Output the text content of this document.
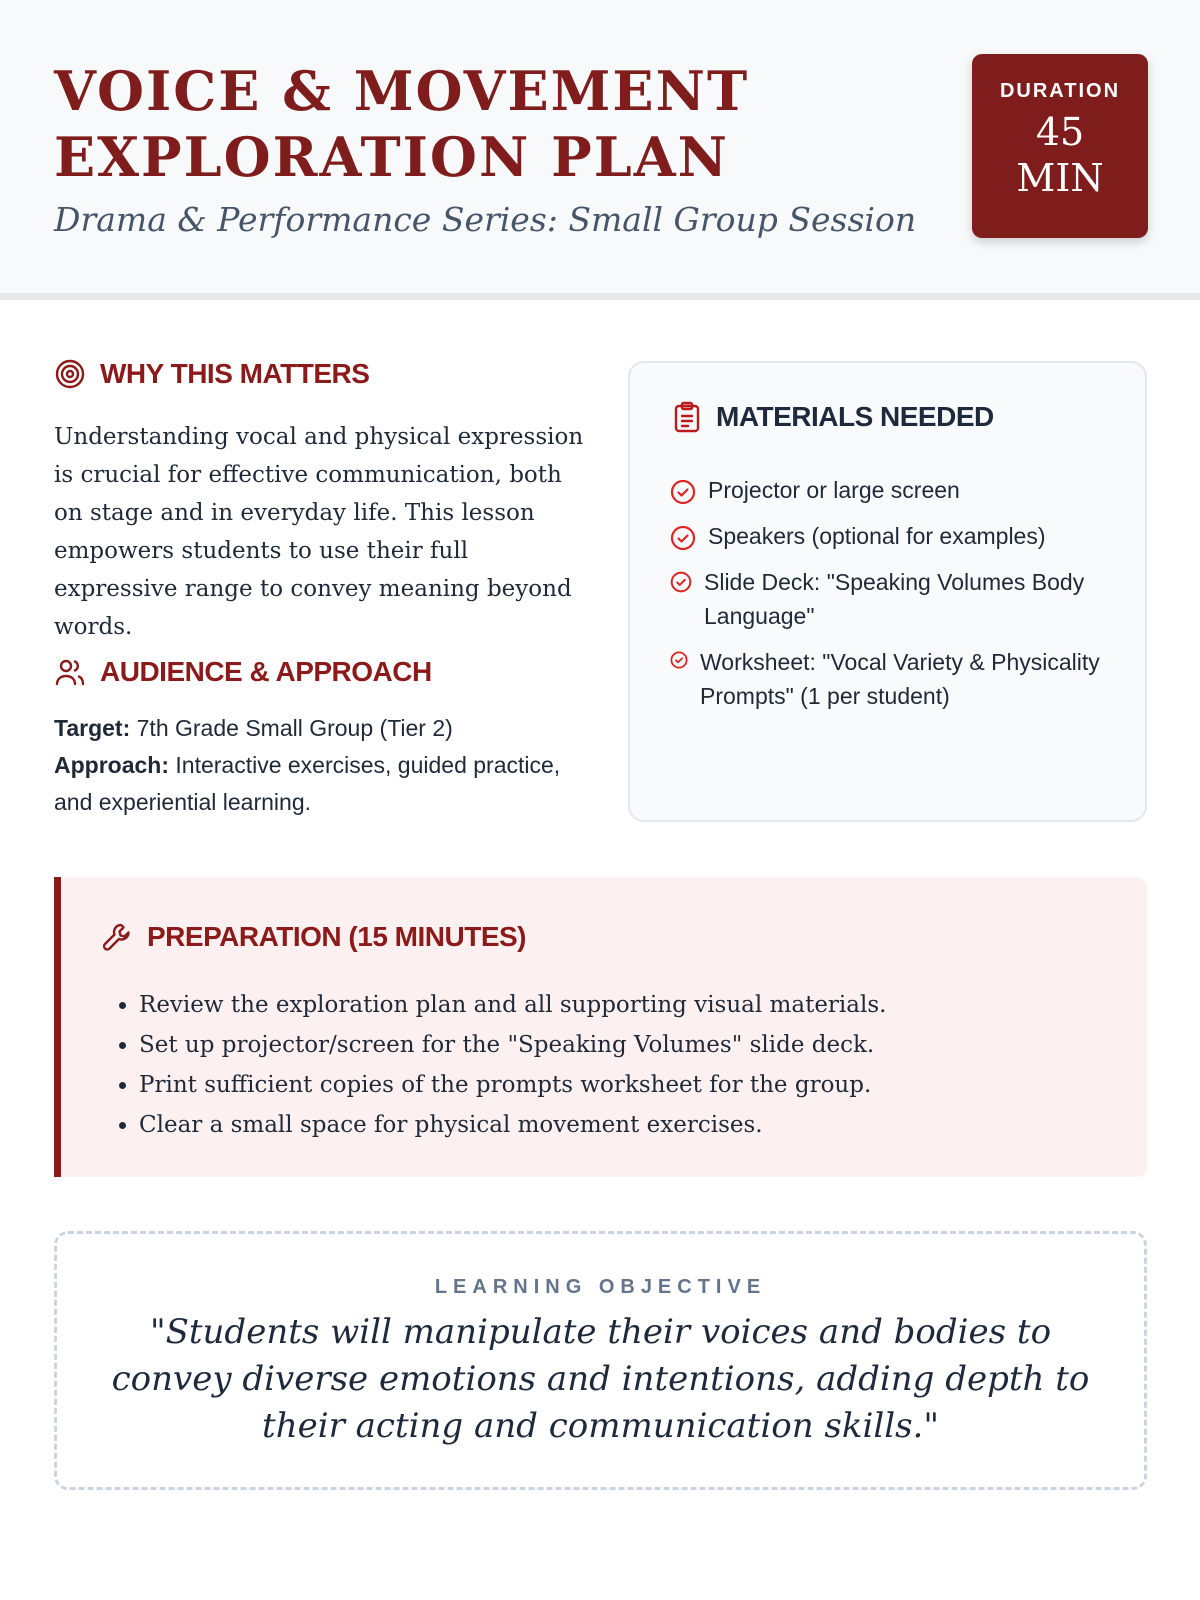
VOICE & MOVEMENT EXPLORATION PLAN

Drama & Performance Series: Small Group Session

DURATION
45 MIN
WHY THIS MATTERS

Understanding vocal and physical expression is crucial for effective communication, both on stage and in everyday life. This lesson empowers students to use their full expressive range to convey meaning beyond words.

AUDIENCE & APPROACH

Target: 7th Grade Small Group (Tier 2)

Approach: Interactive exercises, guided practice, and experiential learning.

MATERIALS NEEDED
Projector or large screen
Speakers (optional for examples)
Slide Deck: "Speaking Volumes Body Language"
Worksheet: "Vocal Variety & Physicality Prompts" (1 per student)
PREPARATION (15 MINUTES)
• Review the exploration plan and all supporting visual materials.
• Set up projector/screen for the "Speaking Volumes" slide deck.
• Print sufficient copies of the prompts worksheet for the group.
• Clear a small space for physical movement exercises.
LEARNING OBJECTIVE
"Students will manipulate their voices and bodies to convey diverse emotions and intentions, adding depth to their acting and communication skills."
